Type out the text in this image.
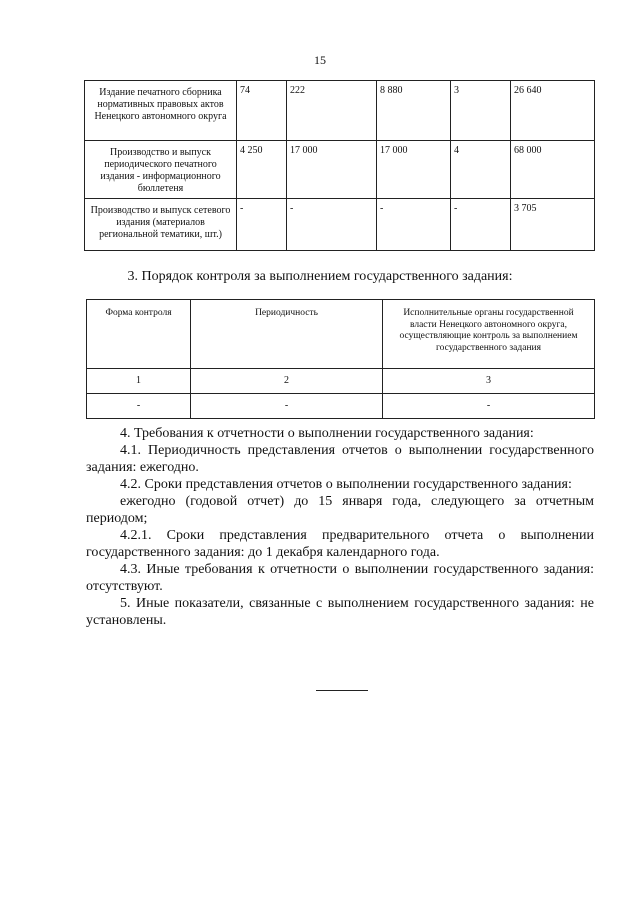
15
Издание печатного сборника нормативных правовых актов Ненецкого автономного округа	74	222	8 880	3	26 640
Производство и выпуск периодического печатного издания - информационного бюллетеня	4 250	17 000	17 000	4	68 000
Производство и выпуск сетевого издания (материалов региональной тематики, шт.)	-	-	-	-	3 705
3. Порядок контроля за выполнением государственного задания:
Форма контроля	Периодичность	Исполнительные органы государственной власти Ненецкого автономного округа, осуществляющие контроль за выполнением государственного задания
1	2	3
-	-	-

4. Требования к отчетности о выполнении государственного задания:

4.1. Периодичность представления отчетов о выполнении государственного задания: ежегодно.

4.2. Сроки представления отчетов о выполнении государственного задания:

ежегодно (годовой отчет) до 15 января года, следующего за отчетным периодом;

4.2.1. Сроки представления предварительного отчета о выполнении государственного задания: до 1 декабря календарного года.

4.3. Иные требования к отчетности о выполнении государственного задания: отсутствуют.

5. Иные показатели, связанные с выполнением государственного задания: не установлены.
